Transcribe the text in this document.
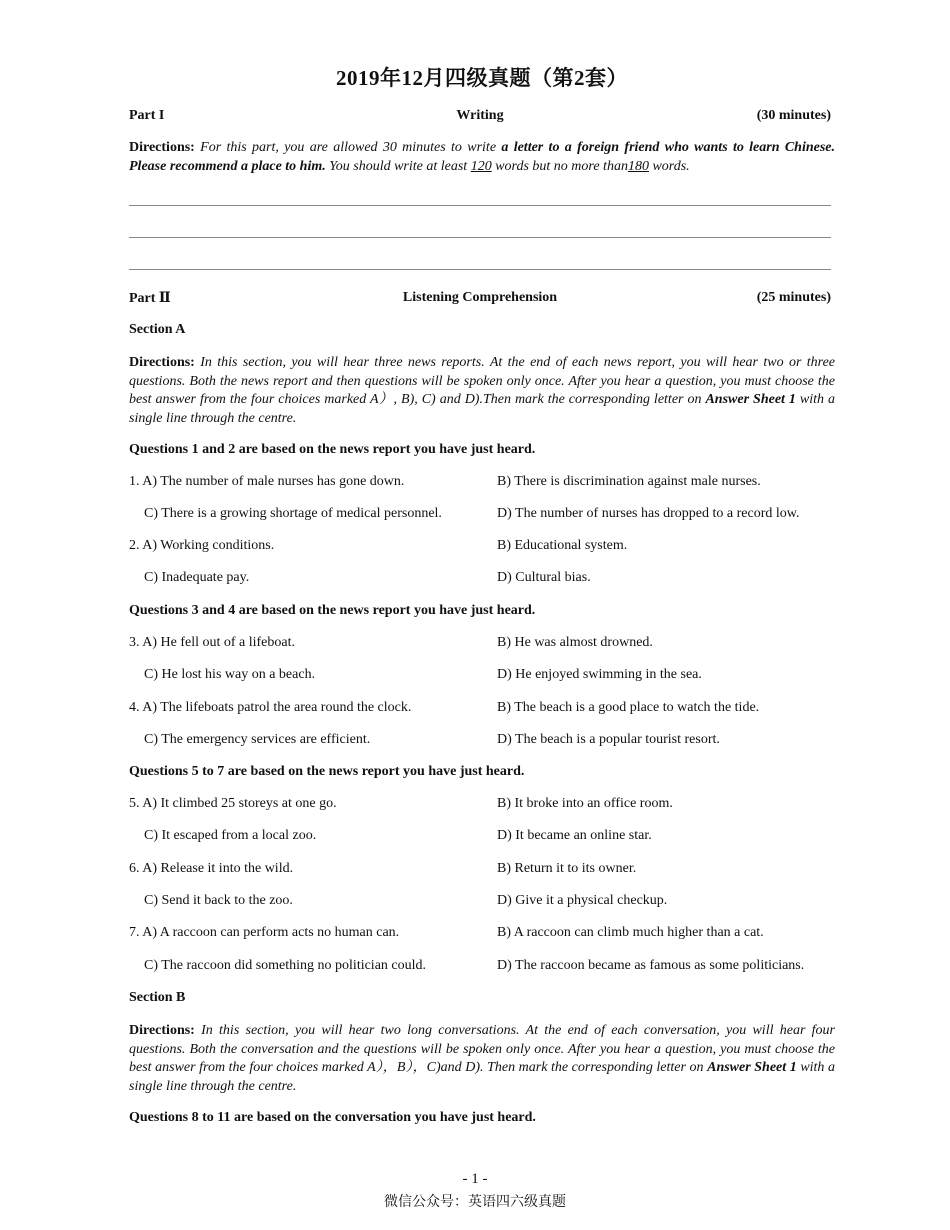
2019年12月四级真题（第2套）
Part I	Writing	(30 minutes)
Directions: For this part, you are allowed 30 minutes to write a letter to a foreign friend who wants to learn Chinese. Please recommend a place to him. You should write at least 120 words but no more than180 words.
Part Ⅱ	Listening Comprehension	(25 minutes)
Section A
Directions: In this section, you will hear three news reports. At the end of each news report, you will hear two or three questions. Both the news report and then questions will be spoken only once. After you hear a question, you must choose the best answer from the four choices marked A）, B), C) and D).Then mark the corresponding letter on Answer Sheet 1 with a single line through the centre.
Questions 1 and 2 are based on the news report you have just heard.
1. A) The number of male nurses has gone down.	B) There is discrimination against male nurses.
C) There is a growing shortage of medical personnel.	D) The number of nurses has dropped to a record low.
2. A) Working conditions.	B) Educational system.
C) Inadequate pay.	D) Cultural bias.
Questions 3 and 4 are based on the news report you have just heard.
3. A) He fell out of a lifeboat.	B) He was almost drowned.
C) He lost his way on a beach.	D) He enjoyed swimming in the sea.
4. A) The lifeboats patrol the area round the clock.	B) The beach is a good place to watch the tide.
C) The emergency services are efficient.	D) The beach is a popular tourist resort.
Questions 5 to 7 are based on the news report you have just heard.
5. A) It climbed 25 storeys at one go.	B) It broke into an office room.
C) It escaped from a local zoo.	D) It became an online star.
6. A) Release it into the wild.	B) Return it to its owner.
C) Send it back to the zoo.	D) Give it a physical checkup.
7. A) A raccoon can perform acts no human can.	B) A raccoon can climb much higher than a cat.
C) The raccoon did something no politician could.	D) The raccoon became as famous as some politicians.
Section B
Directions: In this section, you will hear two long conversations. At the end of each conversation, you will hear four questions. Both the conversation and the questions will be spoken only once. After you hear a question, you must choose the best answer from the four choices marked A），B），C)and D). Then mark the corresponding letter on Answer Sheet 1 with a single line through the centre.
Questions 8 to 11 are based on the conversation you have just heard.
- 1 -
微信公众号：英语四六级真题
